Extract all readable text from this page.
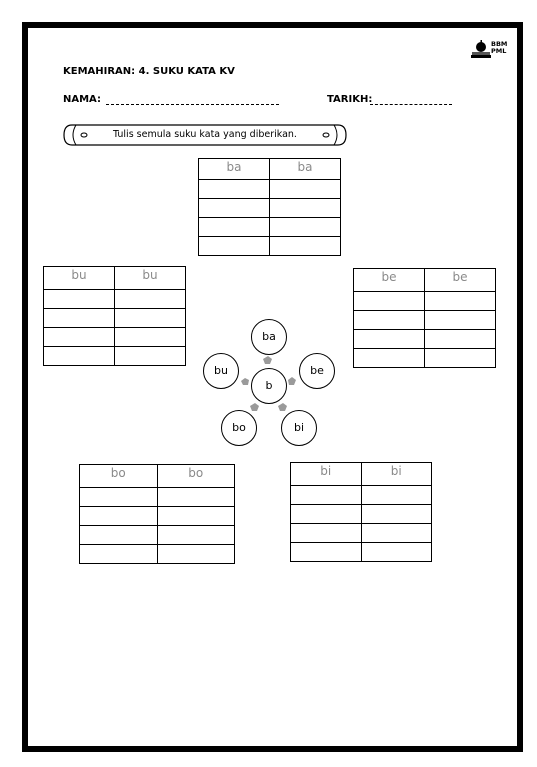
BBM
PML
KEMAHIRAN: 4. SUKU KATA KV
NAMA:	TARIKH:
Tulis semula suku kata yang diberikan.
ba	ba

bu	bu

		be	be

b
ba
be
bi
bo
bu
bo	bo

		bi	bi
